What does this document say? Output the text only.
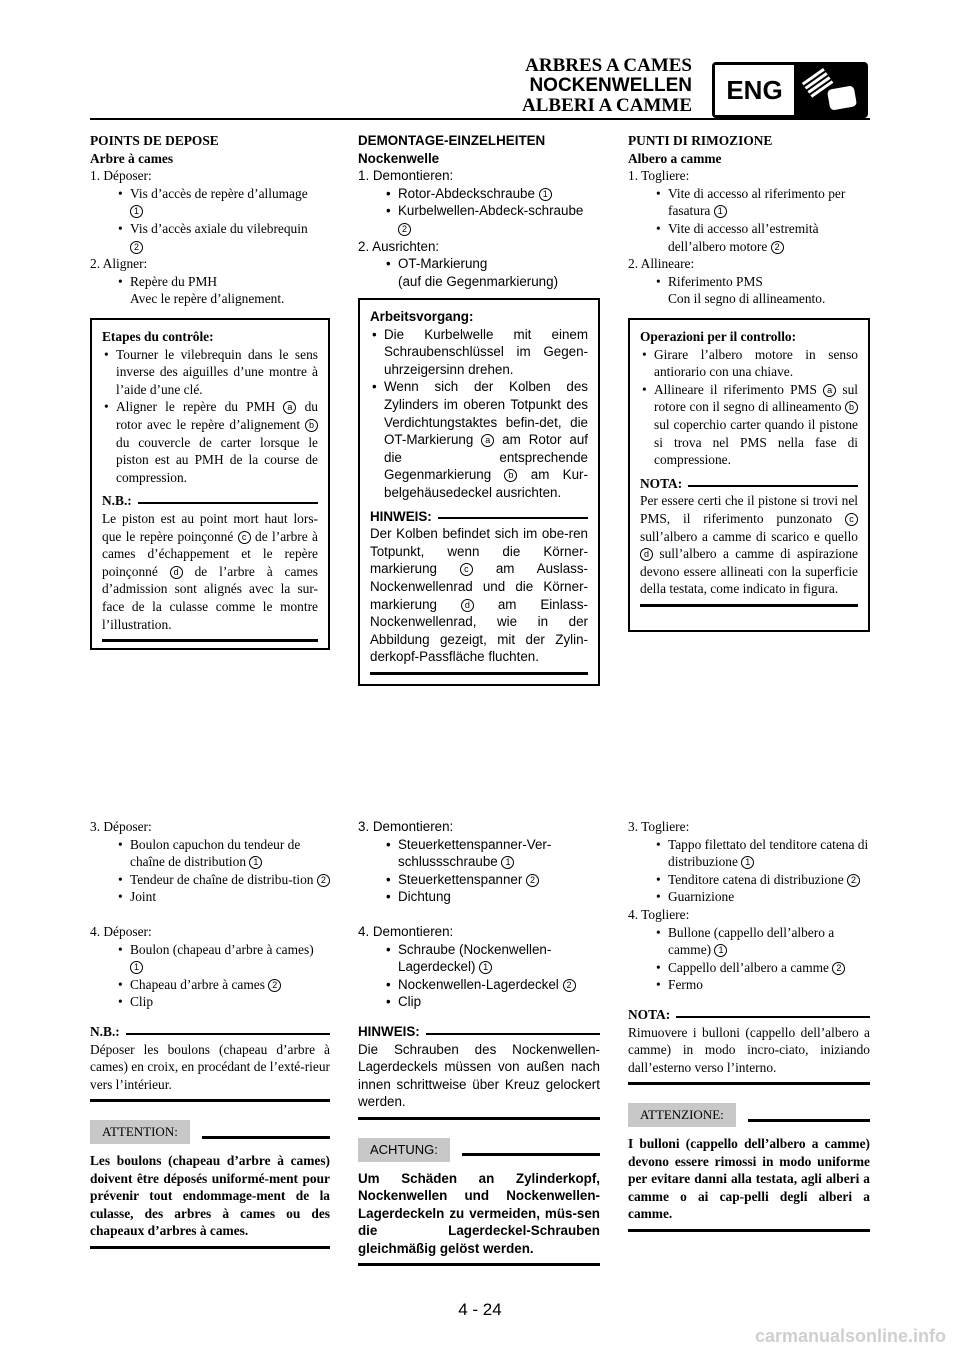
ARBRES A CAMES
NOCKENWELLEN
ALBERI A CAMME
ENG
POINTS DE DEPOSE
Arbre à cames
1. Déposer:
• Vis d’accès de repère d’allumage
1
• Vis d’accès axiale du vilebrequin
2
2. Aligner:
• Repère du PMH
Avec le repère d’alignement.
Etapes du contrôle:
• Tourner le vilebrequin dans le sens inverse des aiguilles d’une montre à l’aide d’une clé.
• Aligner le repère du PMH a du rotor avec le repère d’alignement b du couvercle de carter lorsque le piston est au PMH de la course de compression.
N.B.:
Le piston est au point mort haut lors-que le repère poinçonné c de l’arbre à cames d’échappement et le repère poinçonné d de l’arbre à cames d’admission sont alignés avec la sur-face de la culasse comme le montre l’illustration.
DEMONTAGE-EINZELHEITEN
Nockenwelle
1. Demontieren:
• Rotor-Abdeckschraube 1
• Kurbelwellen-Abdeck-schraube 2
2. Ausrichten:
• OT-Markierung
(auf die Gegenmarkierung)
Arbeitsvorgang:
• Die Kurbelwelle mit einem Schraubenschlüssel im Gegen-uhrzeigersinn drehen.
• Wenn sich der Kolben des Zylinders im oberen Totpunkt des Verdichtungstaktes befin-det, die OT-Markierung a am Rotor auf die entsprechende Gegenmarkierung b am Kur-belgehäusedeckel ausrichten.
HINWEIS:
Der Kolben befindet sich im obe-ren Totpunkt, wenn die Körner-markierung	c am Auslass-Nockenwellenrad und die Körner-markierung	d am Einlass-Nockenwellenrad, wie in der Abbildung gezeigt, mit der Zylin-derkopf-Passfläche fluchten.
PUNTI DI RIMOZIONE
Albero a camme
1. Togliere:
• Vite di accesso al riferimento per fasatura 1
• Vite di accesso all’estremità dell’albero motore 2
2. Allineare:
• Riferimento PMS
Con il segno di allineamento.
Operazioni per il controllo:
• Girare l’albero motore in senso antiorario con una chiave.
• Allineare il riferimento PMS a sul rotore con il segno di allineamento b sul coperchio carter quando il pistone si trova nel PMS nella fase di compressione.
NOTA:
Per essere certi che il pistone si trovi nel PMS, il riferimento punzonato c sull’albero a camme di scarico e quello d sull’albero a camme di aspirazione devono essere allineati con la superficie della testata, come indicato in figura.
3. Déposer:
• Boulon capuchon du tendeur de chaîne de distribution 1
• Tendeur de chaîne de distribu-tion 2
• Joint
4. Déposer:
• Boulon (chapeau d’arbre à cames) 1
• Chapeau d’arbre à cames 2
• Clip
N.B.:
Déposer les boulons (chapeau d’arbre à cames) en croix, en procédant de l’exté-rieur vers l’intérieur.
ATTENTION:
Les boulons (chapeau d’arbre à cames) doivent être déposés uniformé-ment pour prévenir tout endommage-ment de la culasse, des arbres à cames ou des chapeaux d’arbres à cames.
3. Demontieren:
• Steuerkettenspanner-Ver-schlussschraube 1
• Steuerkettenspanner 2
• Dichtung
4. Demontieren:
• Schraube (Nockenwellen-Lagerdeckel) 1
• Nockenwellen-Lagerdeckel 2
• Clip
HINWEIS:
Die Schrauben des Nockenwellen-Lagerdeckels müssen von außen nach innen schrittweise über Kreuz gelockert werden.
ACHTUNG:
Um Schäden an Zylinderkopf, Nockenwellen und Nockenwellen-Lagerdeckeln zu vermeiden, müs-sen die Lagerdeckel-Schrauben gleichmäßig gelöst werden.
3. Togliere:
• Tappo filettato del tenditore catena di distribuzione 1
• Tenditore catena di distribuzione 2
• Guarnizione
4. Togliere:
• Bullone (cappello dell’albero a camme) 1
• Cappello dell’albero a camme 2
• Fermo
NOTA:
Rimuovere i bulloni (cappello dell’albero a camme) in modo incro-ciato, iniziando dall’esterno verso l’interno.
ATTENZIONE:
I bulloni (cappello dell’albero a camme) devono essere rimossi in modo uniforme per evitare danni alla testata, agli alberi a camme o ai cap-pelli degli alberi a camme.
4 - 24
carmanualsonline.info
